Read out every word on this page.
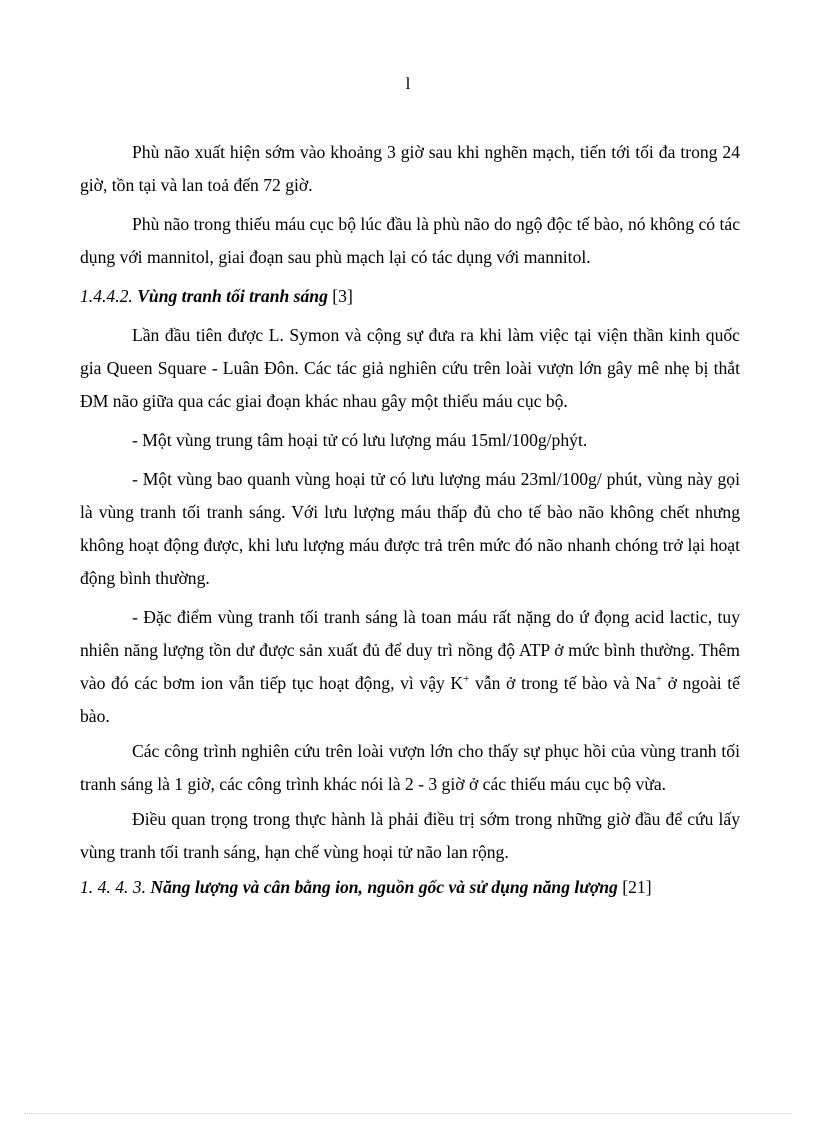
l

Phù não xuất hiện sớm vào khoảng 3 giờ sau khi nghẽn mạch, tiến tới tối đa trong 24 giờ, tồn tại và lan toả đến 72 giờ.

Phù não trong thiếu máu cục bộ lúc đầu là phù não do ngộ độc tế bào, nó không có tác dụng với mannitol, giai đoạn sau phù mạch lại có tác dụng với mannitol.

1.4.4.2. Vùng tranh tối tranh sáng [3]

Lần đầu tiên được L. Symon và cộng sự đưa ra khi làm việc tại viện thần kinh quốc gia Queen Square - Luân Đôn. Các tác giả nghiên cứu trên loài vượn lớn gây mê nhẹ bị thắt ĐM não giữa qua các giai đoạn khác nhau gây một thiếu máu cục bộ.

- Một vùng trung tâm hoại tử có lưu lượng máu 15ml/100g/phýt.

- Một vùng bao quanh vùng hoại tử có lưu lượng máu 23ml/100g/ phút, vùng này gọi là vùng tranh tối tranh sáng. Với lưu lượng máu thấp đủ cho tế bào não không chết nhưng không hoạt động được, khi lưu lượng máu được trả trên mức đó não nhanh chóng trở lại hoạt động bình thường.

- Đặc điểm vùng tranh tối tranh sáng là toan máu rất nặng do ứ đọng acid lactic, tuy nhiên năng lượng tồn dư được sản xuất đủ để duy trì nồng độ ATP ở mức bình thường. Thêm vào đó các bơm ion vẫn tiếp tục hoạt động, vì vậy K+ vẫn ở trong tế bào và Na+ ở ngoài tế bào.

Các công trình nghiên cứu trên loài vượn lớn cho thấy sự phục hồi của vùng tranh tối tranh sáng là 1 giờ, các công trình khác nói là 2 - 3 giờ ở các thiếu máu cục bộ vừa.

Điều quan trọng trong thực hành là phải điều trị sớm trong những giờ đầu để cứu lấy vùng tranh tối tranh sáng, hạn chế vùng hoại tử não lan rộng.

1. 4. 4. 3. Năng lượng và cân bằng ion, nguồn gốc và sử dụng năng lượng [21]
